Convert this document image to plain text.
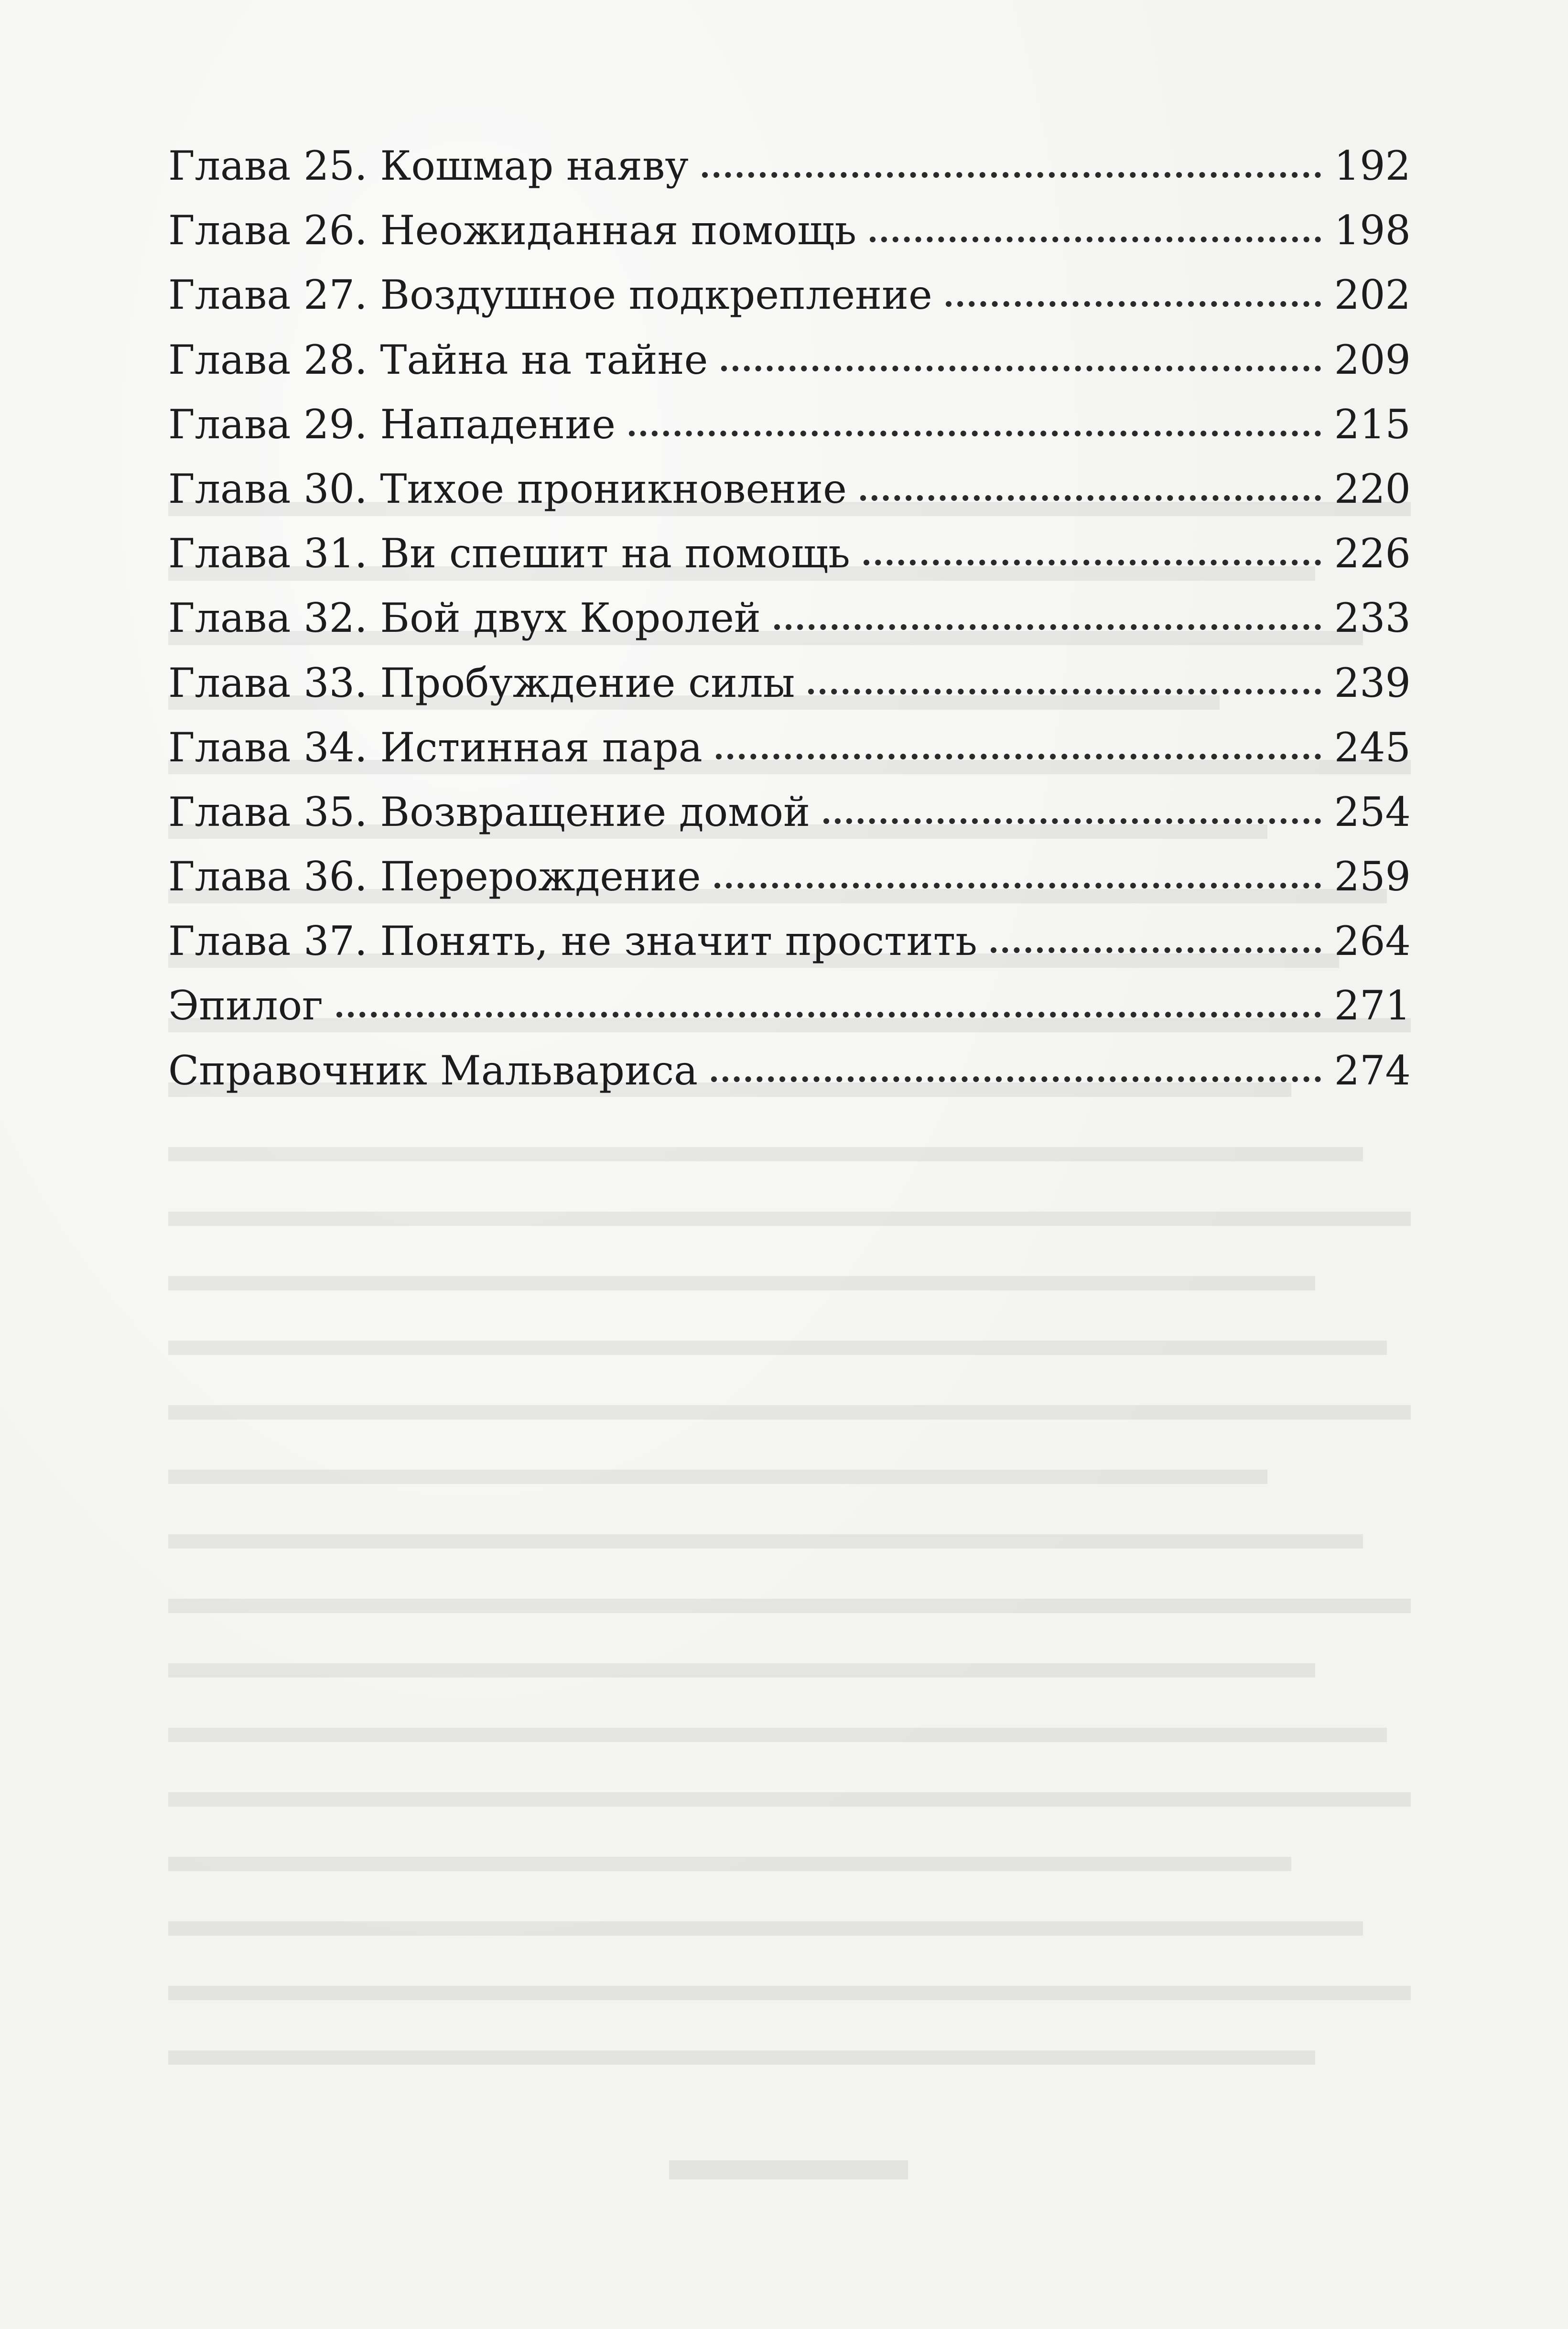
Глава 25. Кошмар наяву	192
Глава 26. Неожиданная помощь	198
Глава 27. Воздушное подкрепление	202
Глава 28. Тайна на тайне	209
Глава 29. Нападение	215
Глава 30. Тихое проникновение	220
Глава 31. Ви спешит на помощь	226
Глава 32. Бой двух Королей	233
Глава 33. Пробуждение силы	239
Глава 34. Истинная пара	245
Глава 35. Возвращение домой	254
Глава 36. Перерождение	259
Глава 37. Понять, не значит простить	264
Эпилог	271
Справочник Мальвариса	274
